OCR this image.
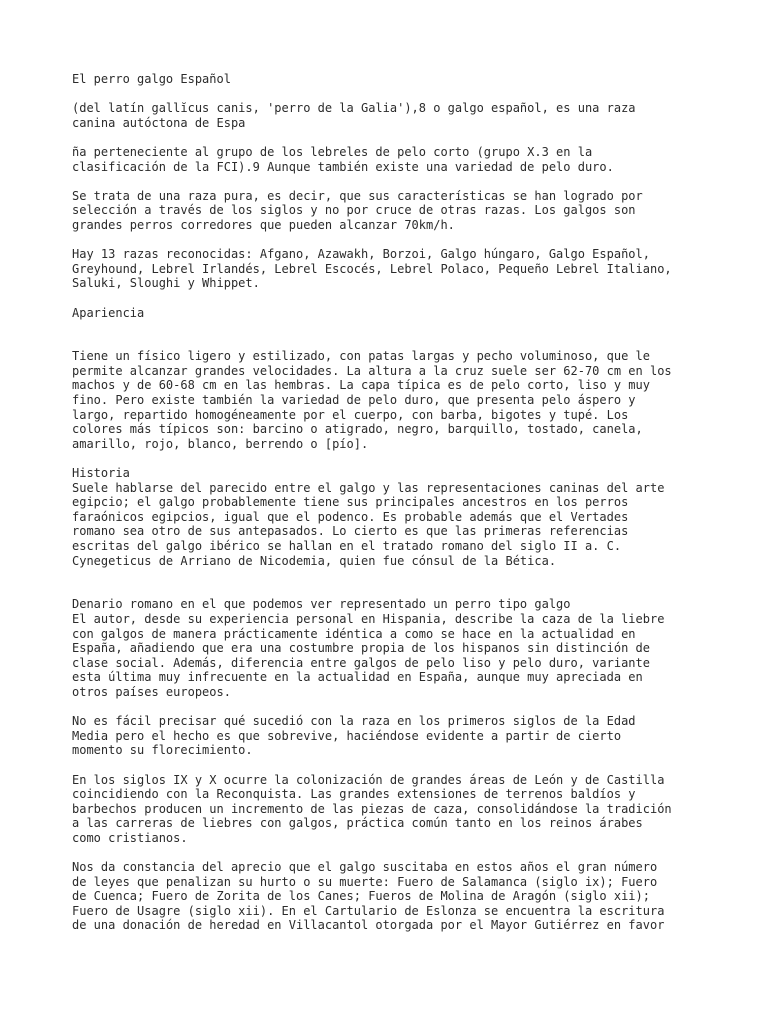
El perro galgo Español

(del latín gallĭcus canis, 'perro de la Galia'),8 o galgo español, es una raza
canina autóctona de Espa

ña perteneciente al grupo de los lebreles de pelo corto (grupo X.3 en la
clasificación de la FCI).9 Aunque también existe una variedad de pelo duro.

Se trata de una raza pura, es decir, que sus características se han logrado por
selección a través de los siglos y no por cruce de otras razas. Los galgos son
grandes perros corredores que pueden alcanzar 70km/h.

Hay 13 razas reconocidas: Afgano, Azawakh, Borzoi, Galgo húngaro, Galgo Español,
Greyhound, Lebrel Irlandés, Lebrel Escocés, Lebrel Polaco, Pequeño Lebrel Italiano,
Saluki, Sloughi y Whippet.

Apariencia

Tiene un físico ligero y estilizado, con patas largas y pecho voluminoso, que le
permite alcanzar grandes velocidades. La altura a la cruz suele ser 62-70 cm en los
machos y de 60-68 cm en las hembras. La capa típica es de pelo corto, liso y muy
fino. Pero existe también la variedad de pelo duro, que presenta pelo áspero y
largo, repartido homogéneamente por el cuerpo, con barba, bigotes y tupé. Los
colores más típicos son: barcino o atigrado, negro, barquillo, tostado, canela,
amarillo, rojo, blanco, berrendo o [pío].

Historia

Suele hablarse del parecido entre el galgo y las representaciones caninas del arte
egipcio; el galgo probablemente tiene sus principales ancestros en los perros
faraónicos egipcios, igual que el podenco. Es probable además que el Vertades
romano sea otro de sus antepasados. Lo cierto es que las primeras referencias
escritas del galgo ibérico se hallan en el tratado romano del siglo II a. C.
Cynegeticus de Arriano de Nicodemia, quien fue cónsul de la Bética.

Denario romano en el que podemos ver representado un perro tipo galgo

El autor, desde su experiencia personal en Hispania, describe la caza de la liebre
con galgos de manera prácticamente idéntica a como se hace en la actualidad en
España, añadiendo que era una costumbre propia de los hispanos sin distinción de
clase social. Además, diferencia entre galgos de pelo liso y pelo duro, variante
esta última muy infrecuente en la actualidad en España, aunque muy apreciada en
otros países europeos.

No es fácil precisar qué sucedió con la raza en los primeros siglos de la Edad
Media pero el hecho es que sobrevive, haciéndose evidente a partir de cierto
momento su florecimiento.

En los siglos IX y X ocurre la colonización de grandes áreas de León y de Castilla
coincidiendo con la Reconquista. Las grandes extensiones de terrenos baldíos y
barbechos producen un incremento de las piezas de caza, consolidándose la tradición
a las carreras de liebres con galgos, práctica común tanto en los reinos árabes
como cristianos.

Nos da constancia del aprecio que el galgo suscitaba en estos años el gran número
de leyes que penalizan su hurto o su muerte: Fuero de Salamanca (siglo ix); Fuero
de Cuenca; Fuero de Zorita de los Canes; Fueros de Molina de Aragón (siglo xii);
Fuero de Usagre (siglo xii). En el Cartulario de Eslonza se encuentra la escritura
de una donación de heredad en Villacantol otorgada por el Mayor Gutiérrez en favor
